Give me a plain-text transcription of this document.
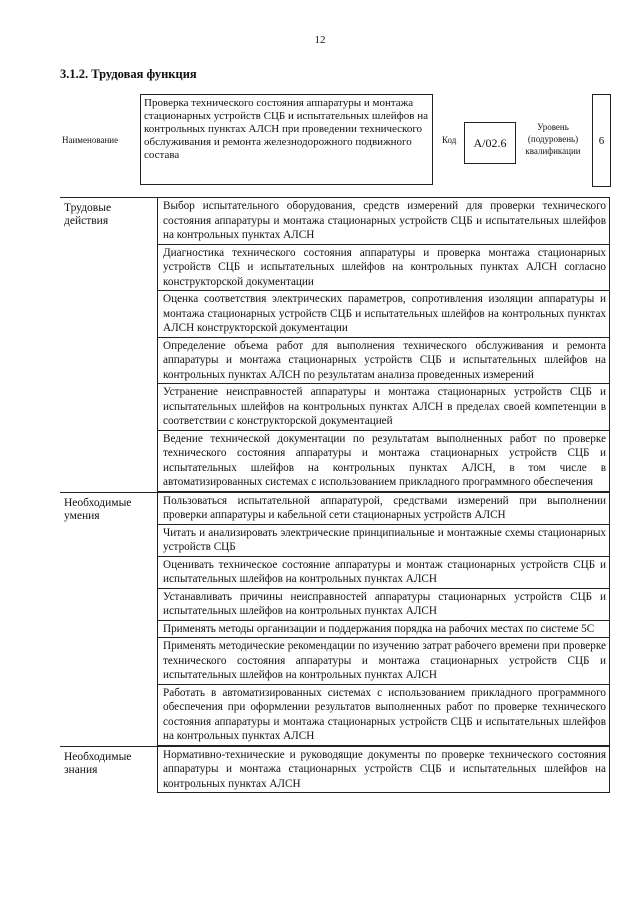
12
3.1.2. Трудовая функция
Наименование
Проверка технического состояния аппаратуры и монтажа стационарных устройств СЦБ и испытательных шлейфов на контрольных пунктах АЛСН при проведении технического обслуживания и ремонта железнодорожного подвижного состава
Код	A/02.6
Уровень (подуровень) квалификации
6
Трудовые действия
Выбор испытательного оборудования, средств измерений для проверки технического состояния аппаратуры и монтажа стационарных устройств СЦБ и испытательных шлейфов на контрольных пунктах АЛСН
Диагностика технического состояния аппаратуры и проверка монтажа стационарных устройств СЦБ и испытательных шлейфов на контрольных пунктах АЛСН согласно конструкторской документации
Оценка соответствия электрических параметров, сопротивления изоляции аппаратуры и монтажа стационарных устройств СЦБ и испытательных шлейфов на контрольных пунктах АЛСН конструкторской документации
Определение объема работ для выполнения технического обслуживания и ремонта аппаратуры и монтажа стационарных устройств СЦБ и испытательных шлейфов на контрольных пунктах АЛСН по результатам анализа проведенных измерений
Устранение неисправностей аппаратуры и монтажа стационарных устройств СЦБ и испытательных шлейфов на контрольных пунктах АЛСН в пределах своей компетенции в соответствии с конструкторской документацией
Ведение технической документации по результатам выполненных работ по проверке технического состояния аппаратуры и монтажа стационарных устройств СЦБ и испытательных шлейфов на контрольных пунктах АЛСН, в том числе в автоматизированных системах с использованием прикладного программного обеспечения
Необходимые умения
Пользоваться испытательной аппаратурой, средствами измерений при выполнении проверки аппаратуры и кабельной сети стационарных устройств АЛСН
Читать и анализировать электрические принципиальные и монтажные схемы стационарных устройств СЦБ
Оценивать техническое состояние аппаратуры и монтаж стационарных устройств СЦБ и испытательных шлейфов на контрольных пунктах АЛСН
Устанавливать причины неисправностей аппаратуры стационарных устройств СЦБ и испытательных шлейфов на контрольных пунктах АЛСН
Применять методы организации и поддержания порядка на рабочих местах по системе 5С
Применять методические рекомендации по изучению затрат рабочего времени при проверке технического состояния аппаратуры и монтажа стационарных устройств СЦБ и испытательных шлейфов на контрольных пунктах АЛСН
Работать в автоматизированных системах с использованием прикладного программного обеспечения при оформлении результатов выполненных работ по проверке технического состояния аппаратуры и монтажа стационарных устройств СЦБ и испытательных шлейфов на контрольных пунктах АЛСН
Необходимые знания
Нормативно-технические и руководящие документы по проверке технического состояния аппаратуры и монтажа стационарных устройств СЦБ и испытательных шлейфов на контрольных пунктах АЛСН
